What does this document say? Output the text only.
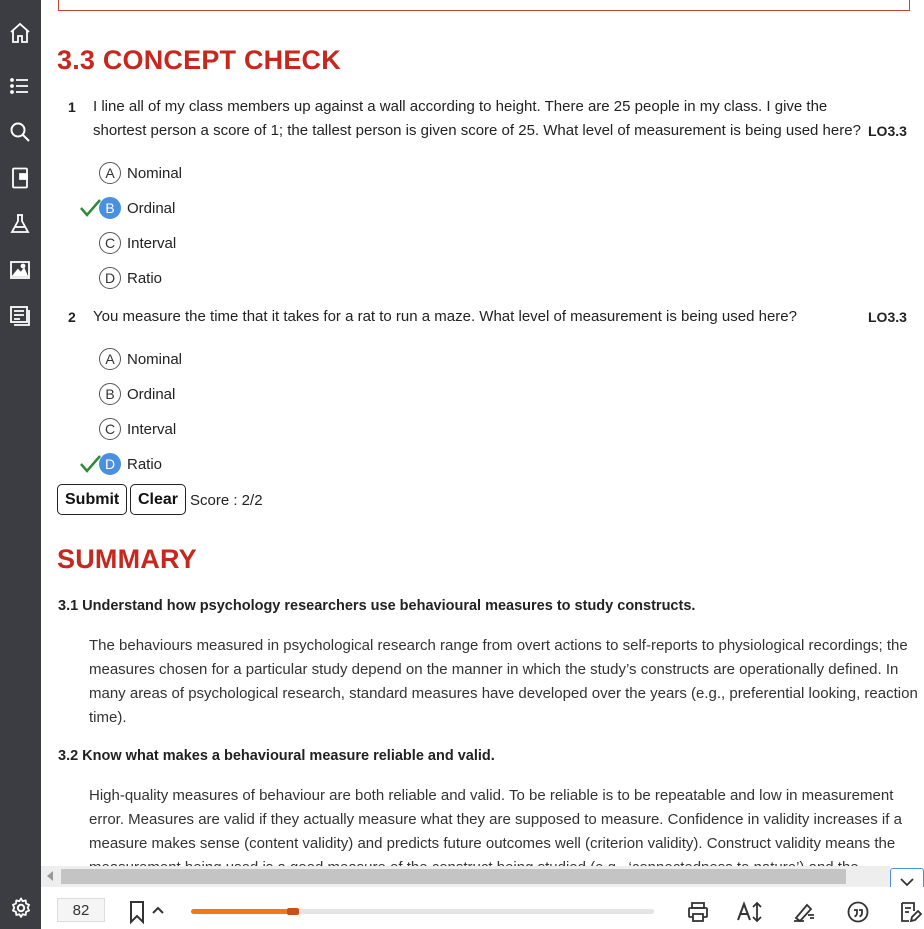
3.3 CONCEPT CHECK
1 I line all of my class members up against a wall according to height. There are 25 people in my class. I give the shortest person a score of 1; the tallest person is given score of 25. What level of measurement is being used here? LO3.3
A Nominal
B Ordinal
C Interval
D Ratio
2 You measure the time that it takes for a rat to run a maze. What level of measurement is being used here?	LO3.3
A Nominal
B Ordinal
C Interval
D Ratio
Submit	Clear Score : 2/2
SUMMARY
3.1 Understand how psychology researchers use behavioural measures to study constructs.
The behaviours measured in psychological research range from overt actions to self-reports to physiological recordings; the measures chosen for a particular study depend on the manner in which the study’s constructs are operationally defined. In many areas of psychological research, standard measures have developed over the years (e.g., preferential looking, reaction time).
3.2 Know what makes a behavioural measure reliable and valid.
High-quality measures of behaviour are both reliable and valid. To be reliable is to be repeatable and low in measurement error. Measures are valid if they actually measure what they are supposed to measure. Confidence in validity increases if a measure makes sense (content validity) and predicts future outcomes well (criterion validity). Construct validity means the
82
